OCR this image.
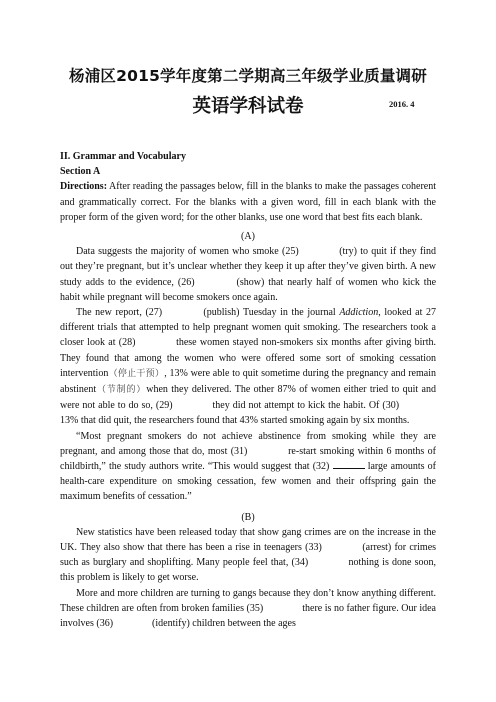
杨浦区2015学年度第二学期高三年级学业质量调研
英语学科试卷	2016. 4

II. Grammar and Vocabulary

Section A

Directions: After reading the passages below, fill in the blanks to make the passages coherent and grammatically correct. For the blanks with a given word, fill in each blank with the proper form of the given word; for the other blanks, use one word that best fits each blank.

(A)

Data suggests the majority of women who smoke (25)	(try) to quit if they find out they’re pregnant, but it’s unclear whether they keep it up after they’ve given birth. A new study adds to the evidence, (26)	(show) that nearly half of women who kick the habit while pregnant will become smokers once again.

The new report, (27)	(publish) Tuesday in the journal Addiction, looked at 27 different trials that attempted to help pregnant women quit smoking. The researchers took a closer look at (28)	these women stayed non-smokers six months after giving birth. They found that among the women who were offered some sort of smoking cessation intervention（停止干预）, 13% were able to quit sometime during the pregnancy and remain abstinent（节制的）when they delivered. The other 87% of women either tried to quit and were not able to do so, (29)	they did not attempt to kick the habit. Of (30)  13% that did quit, the researchers found that 43% started smoking again by six months.

“Most pregnant smokers do not achieve abstinence from smoking while they are pregnant, and among those that do, most (31)	re-start smoking within 6 months of childbirth,” the study authors write. “This would suggest that (32)	large amounts of health-care expenditure on smoking cessation, few women and their offspring gain the maximum benefits of cessation.”

(B)

New statistics have been released today that show gang crimes are on the increase in the UK. They also show that there has been a rise in teenagers (33)	(arrest) for crimes such as burglary and shoplifting. Many people feel that, (34)	nothing is done soon, this problem is likely to get worse.

More and more children are turning to gangs because they don’t know anything different. These children are often from broken families (35)	there is no father figure. Our idea involves (36)	(identify) children between the ages
